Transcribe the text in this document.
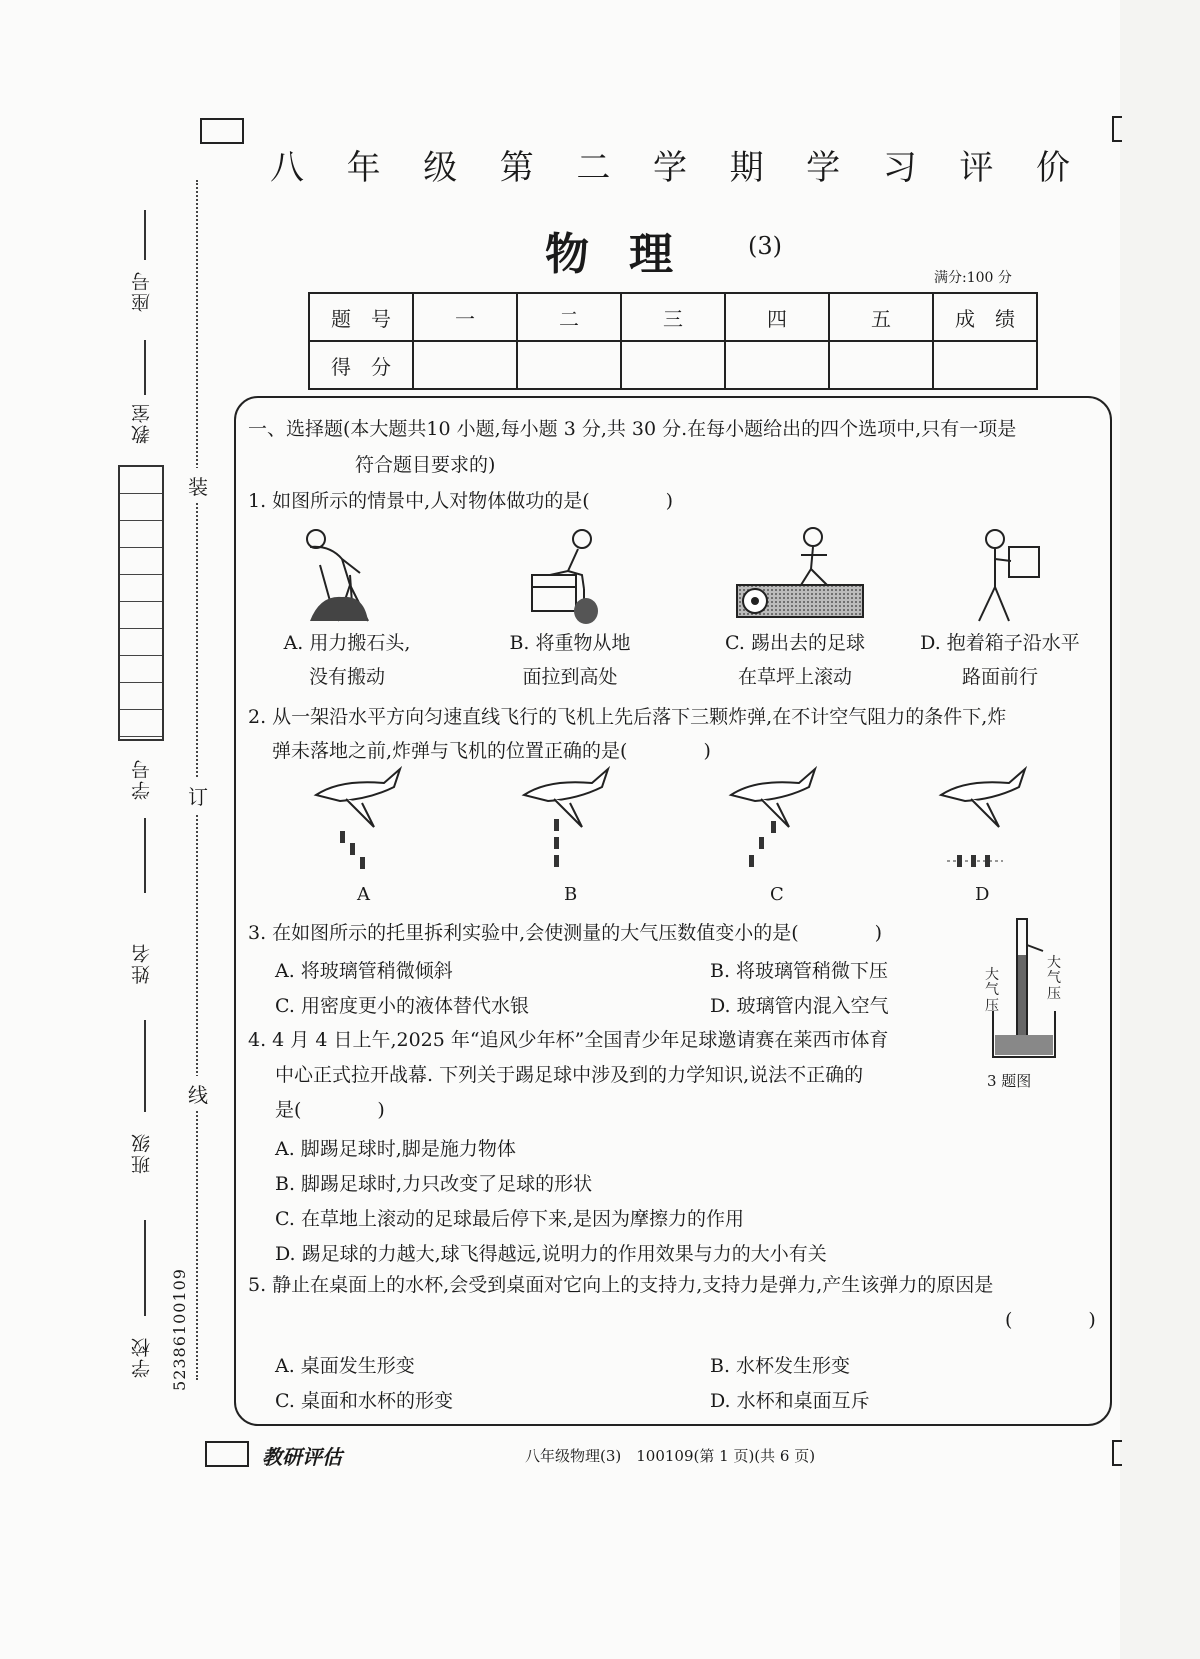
座号
教室
学号
姓名
班级
学校 52386100109
装
订
线
八 年 级 第 二 学 期 学 习 评 价
物理 (3)
满分:100 分
题　号	一	二	三	四	五	成　绩
得　分						
一、选择题(本大题共10 小题,每小题 3 分,共 30 分.在每小题给出的四个选项中,只有一项是
符合题目要求的)
1. 如图所示的情景中,人对物体做功的是(　　　　)
A. 用力搬石头,
没有搬动
B. 将重物从地
面拉到高处
C. 踢出去的足球
在草坪上滚动
D. 抱着箱子沿水平
路面前行
2. 从一架沿水平方向匀速直线飞行的飞机上先后落下三颗炸弹,在不计空气阻力的条件下,炸
弹未落地之前,炸弹与飞机的位置正确的是(　　　　)
A	B	C	D
3. 在如图所示的托里拆利实验中,会使测量的大气压数值变小的是(　　　　)
A. 将玻璃管稍微倾斜	B. 将玻璃管稍微下压
C. 用密度更小的液体替代水银	D. 玻璃管内混入空气
大气压
大气压
3 题图
4. 4 月 4 日上午,2025 年“追风少年杯”全国青少年足球邀请赛在莱西市体育
中心正式拉开战幕. 下列关于踢足球中涉及到的力学知识,说法不正确的
是(　　　　)
A. 脚踢足球时,脚是施力物体
B. 脚踢足球时,力只改变了足球的形状
C. 在草地上滚动的足球最后停下来,是因为摩擦力的作用
D. 踢足球的力越大,球飞得越远,说明力的作用效果与力的大小有关
5. 静止在桌面上的水杯,会受到桌面对它向上的支持力,支持力是弹力,产生该弹力的原因是
(　　　　)
A. 桌面发生形变	B. 水杯发生形变
C. 桌面和水杯的形变	D. 水杯和桌面互斥
教研评估	八年级物理(3)　100109(第 1 页)(共 6 页)
